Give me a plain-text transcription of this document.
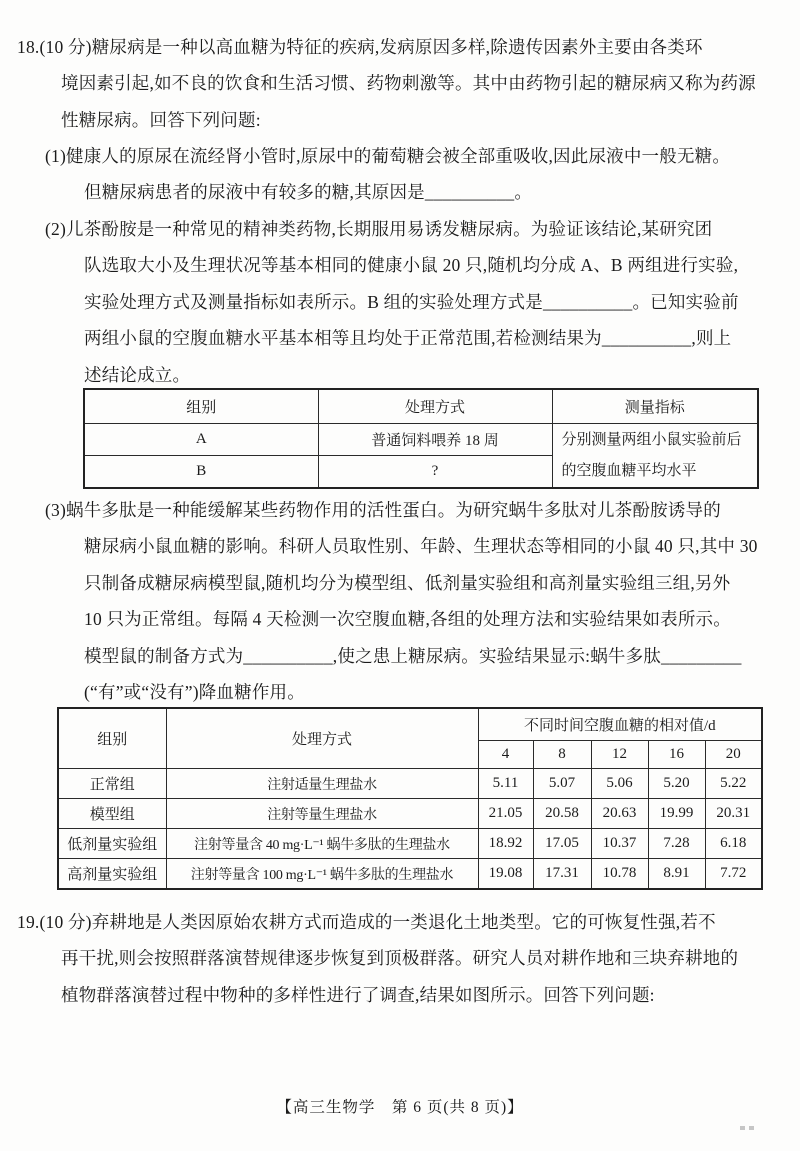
18.(10 分)糖尿病是一种以高血糖为特征的疾病,发病原因多样,除遗传因素外主要由各类环
境因素引起,如不良的饮食和生活习惯、药物刺激等。其中由药物引起的糖尿病又称为药源
性糖尿病。回答下列问题:
(1)健康人的原尿在流经肾小管时,原尿中的葡萄糖会被全部重吸收,因此尿液中一般无糖。
但糖尿病患者的尿液中有较多的糖,其原因是__________。
(2)儿茶酚胺是一种常见的精神类药物,长期服用易诱发糖尿病。为验证该结论,某研究团
队选取大小及生理状况等基本相同的健康小鼠 20 只,随机均分成 A、B 两组进行实验,
实验处理方式及测量指标如表所示。B 组的实验处理方式是__________。已知实验前
两组小鼠的空腹血糖水平基本相等且均处于正常范围,若检测结果为__________,则上
述结论成立。
组别	处理方式	测量指标
A	普通饲料喂养 18 周	分别测量两组小鼠实验前后
的空腹血糖平均水平

B	?	
(3)蜗牛多肽是一种能缓解某些药物作用的活性蛋白。为研究蜗牛多肽对儿茶酚胺诱导的
糖尿病小鼠血糖的影响。科研人员取性别、年龄、生理状态等相同的小鼠 40 只,其中 30
只制备成糖尿病模型鼠,随机均分为模型组、低剂量实验组和高剂量实验组三组,另外
10 只为正常组。每隔 4 天检测一次空腹血糖,各组的处理方法和实验结果如表所示。
模型鼠的制备方式为__________,使之患上糖尿病。实验结果显示:蜗牛多肽_________
(“有”或“没有”)降血糖作用。
组别	处理方式	不同时间空腹血糖的相对值/d				
		4	8	12	16	20
正常组	注射适量生理盐水	5.11	5.07	5.06	5.20	5.22
模型组	注射等量生理盐水	21.05	20.58	20.63	19.99	20.31
低剂量实验组	注射等量含 40 mg·L⁻¹ 蜗牛多肽的生理盐水	18.92	17.05	10.37	7.28	6.18
高剂量实验组	注射等量含 100 mg·L⁻¹ 蜗牛多肽的生理盐水	19.08	17.31	10.78	8.91	7.72
19.(10 分)弃耕地是人类因原始农耕方式而造成的一类退化土地类型。它的可恢复性强,若不
再干扰,则会按照群落演替规律逐步恢复到顶极群落。研究人员对耕作地和三块弃耕地的
植物群落演替过程中物种的多样性进行了调查,结果如图所示。回答下列问题:
【高三生物学　第 6 页(共 8 页)】
